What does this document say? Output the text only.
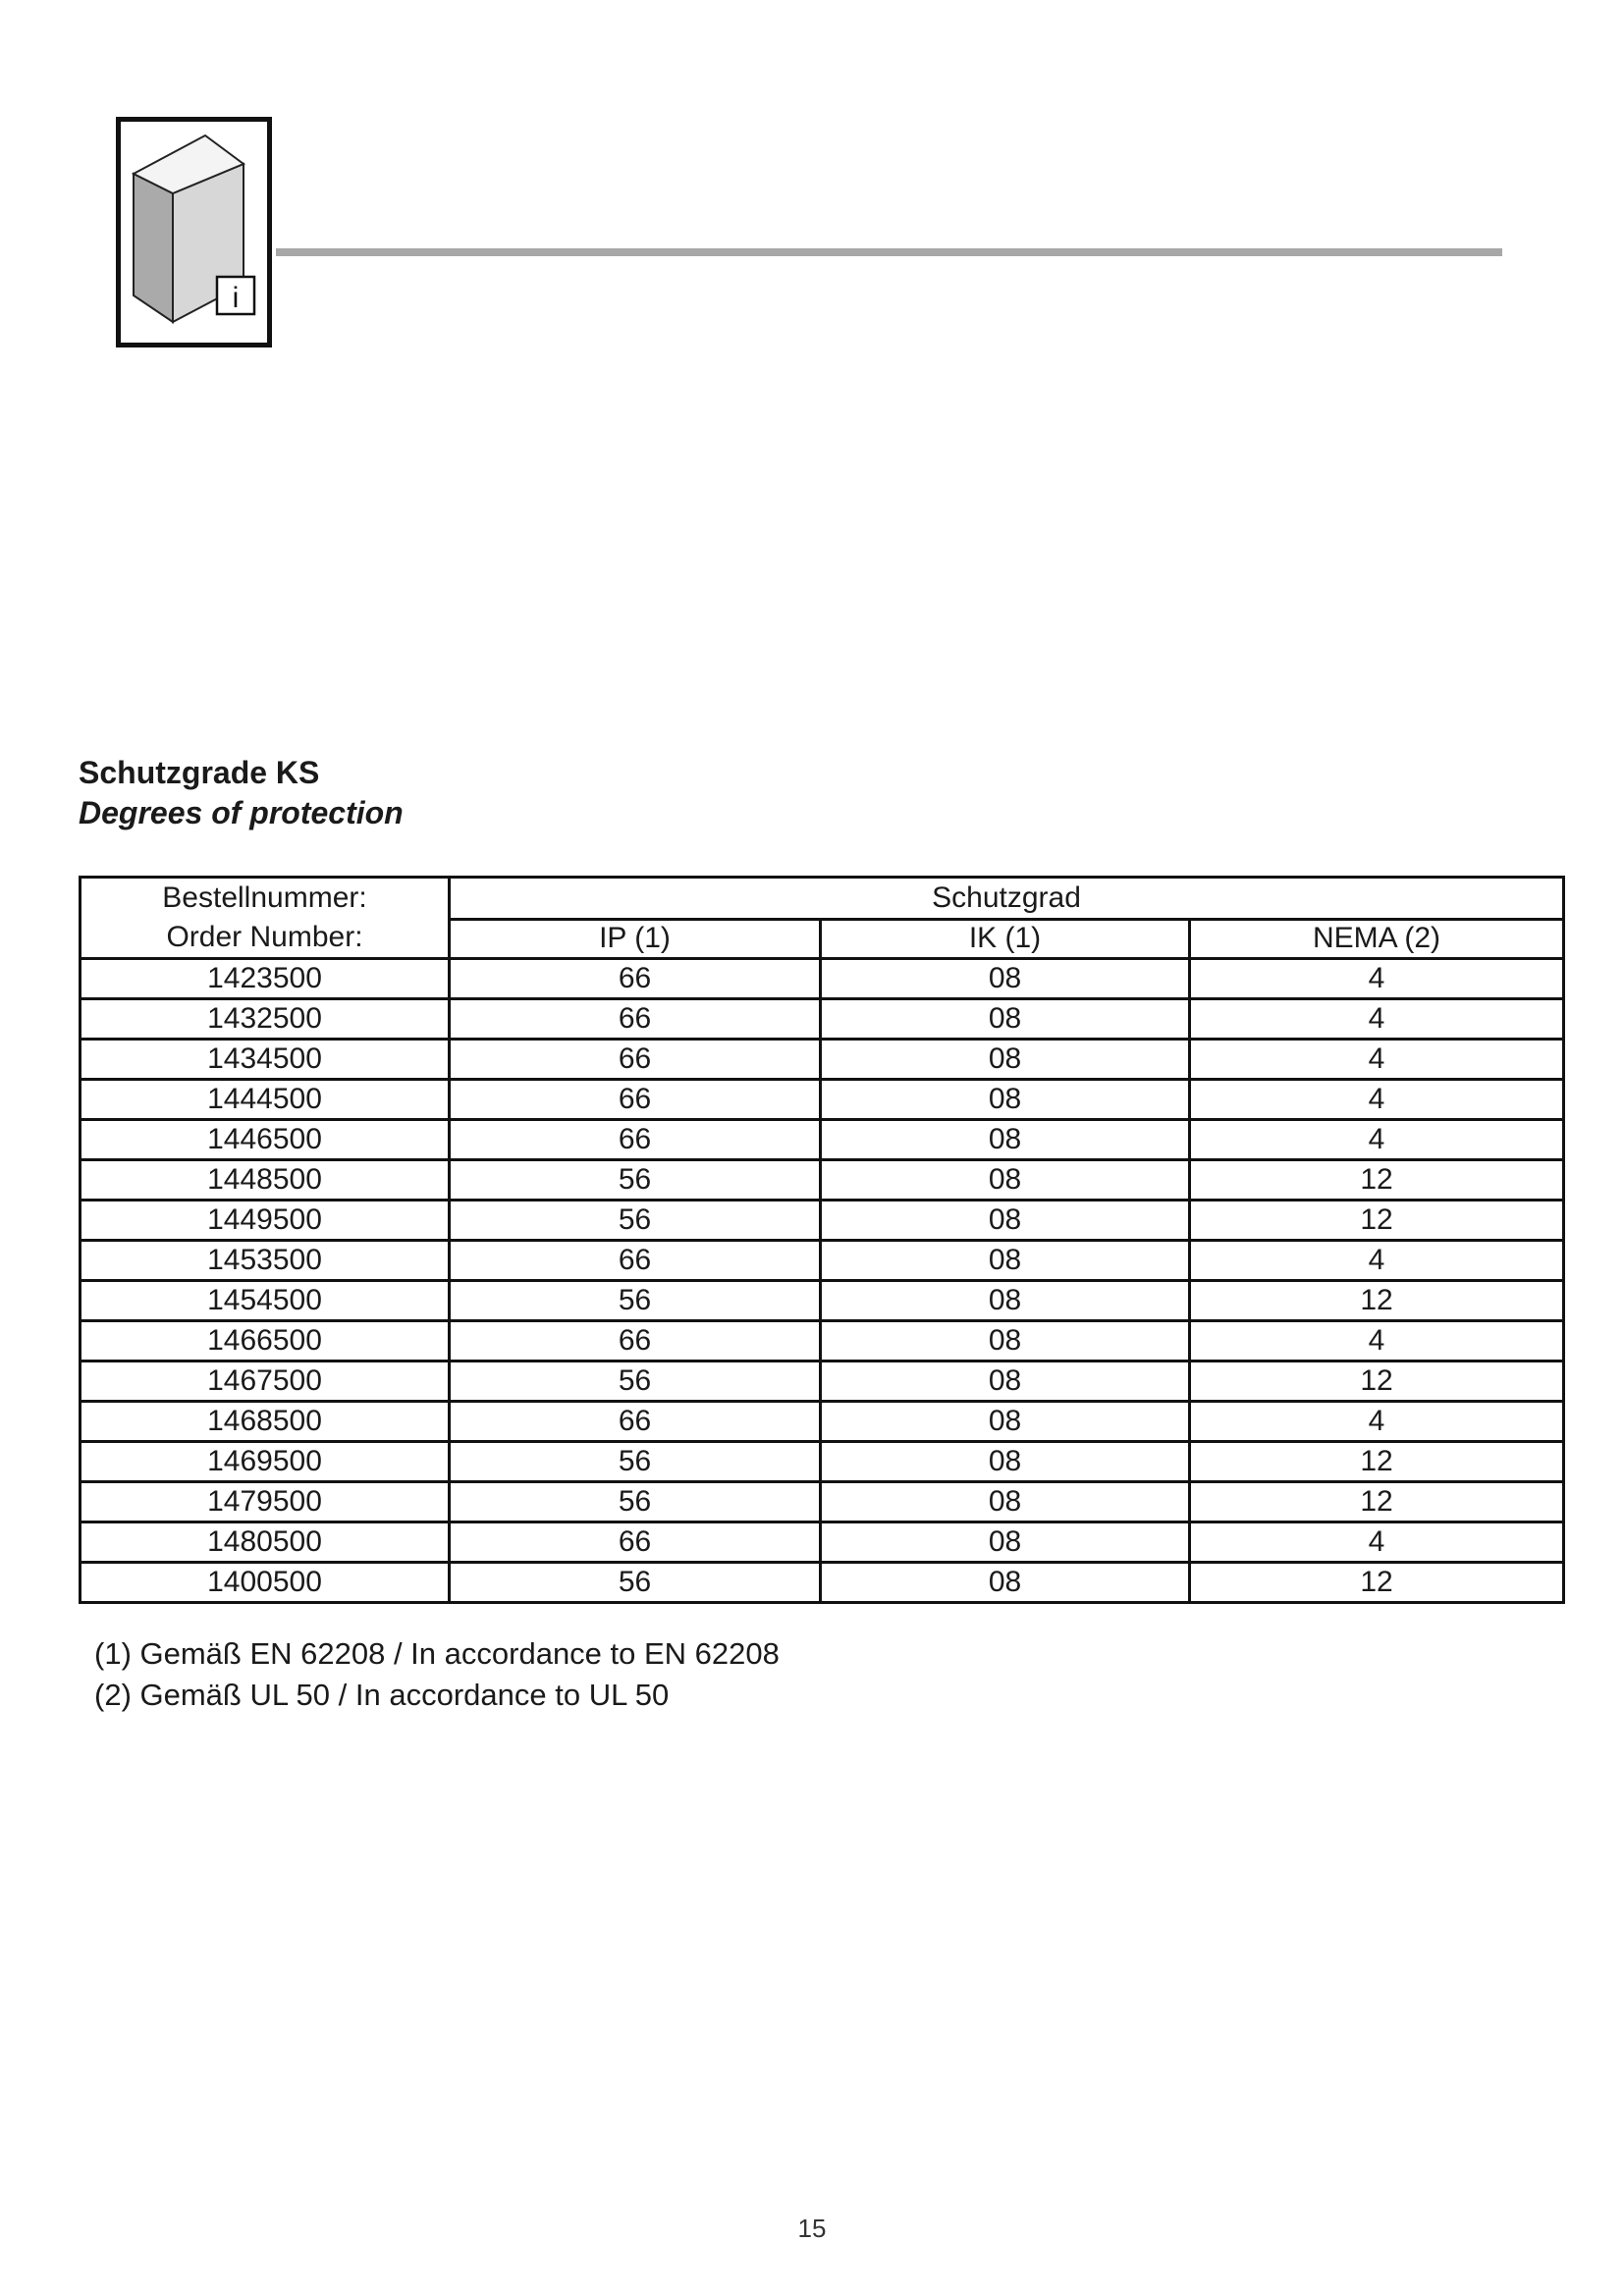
i
Schutzgrade KS
Degrees of protection
Bestellnummer:
Order Number:	Schutzgrad		
	IP (1)	IK (1)	NEMA (2)
1423500	66	08	4
1432500	66	08	4
1434500	66	08	4
1444500	66	08	4
1446500	66	08	4
1448500	56	08	12
1449500	56	08	12
1453500	66	08	4
1454500	56	08	12
1466500	66	08	4
1467500	56	08	12
1468500	66	08	4
1469500	56	08	12
1479500	56	08	12
1480500	66	08	4
1400500	56	08	12
(1) Gemäß EN 62208 / In accordance to EN 62208
(2) Gemäß UL 50 / In accordance to UL 50
15
